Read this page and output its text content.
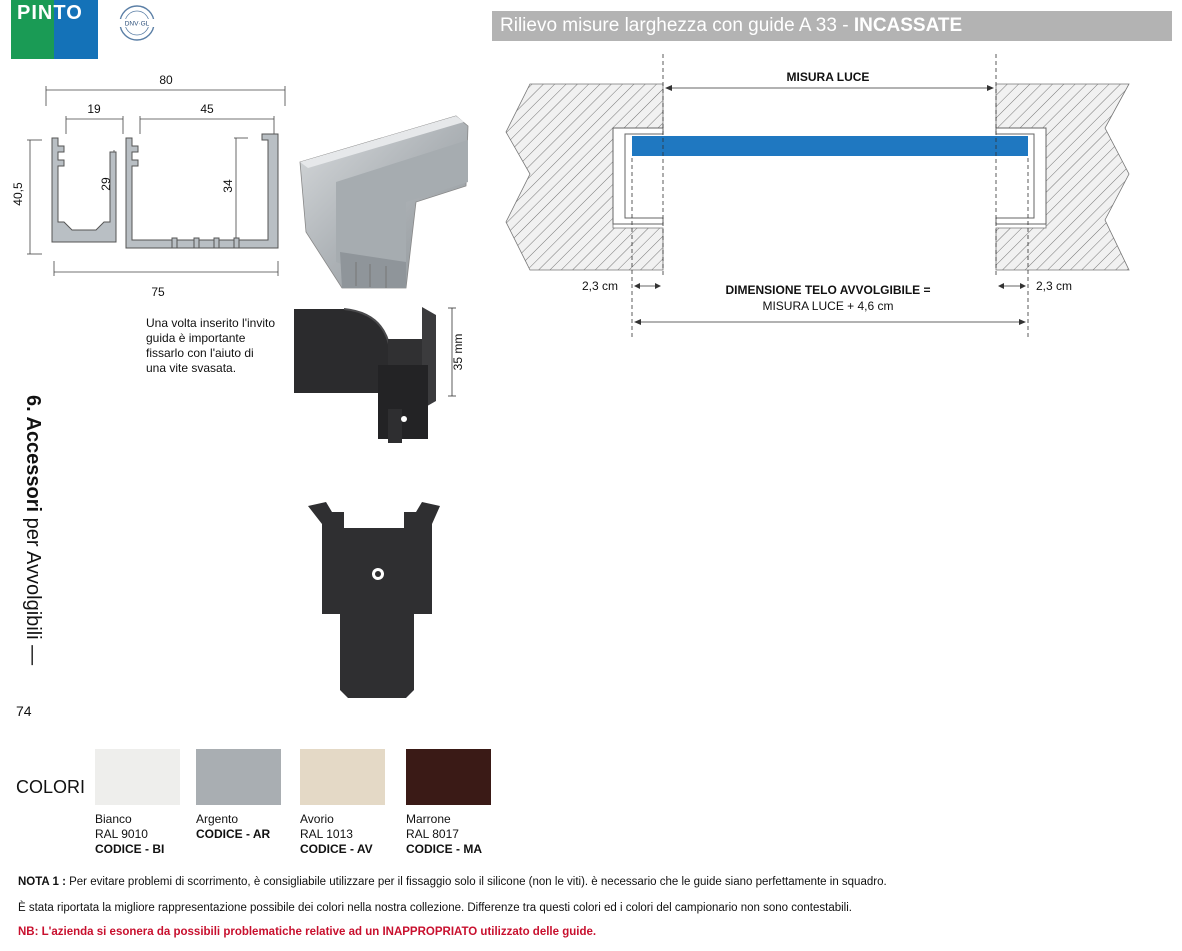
PINTO	DNV·GL	Rilievo misure larghezza con guide A 33 - INCASSATE
6. Accessori per Avvolgibili —
74
80
19	45
40,5	29	34
75
35 mm
Una volta inserito l'invito guida è importante fissarlo con l'aiuto di una vite svasata.
MISURA LUCE
2,3 cm	2,3 cm
DIMENSIONE TELO AVVOLGIBILE =
MISURA LUCE + 4,6 cm
COLORI
Bianco
RAL 9010
CODICE - BI
Argento
CODICE - AR
Avorio
RAL 1013
CODICE - AV
Marrone
RAL 8017
CODICE - MA
NOTA 1 : Per evitare problemi di scorrimento, è consigliabile utilizzare per il fissaggio solo il silicone (non le viti). è necessario che le guide siano perfettamente in squadro.
È stata riportata la migliore rappresentazione possibile dei colori nella nostra collezione. Differenze tra questi colori ed i colori del campionario non sono contestabili.
NB: L'azienda si esonera da possibili problematiche relative ad un INAPPROPRIATO utilizzato delle guide.
